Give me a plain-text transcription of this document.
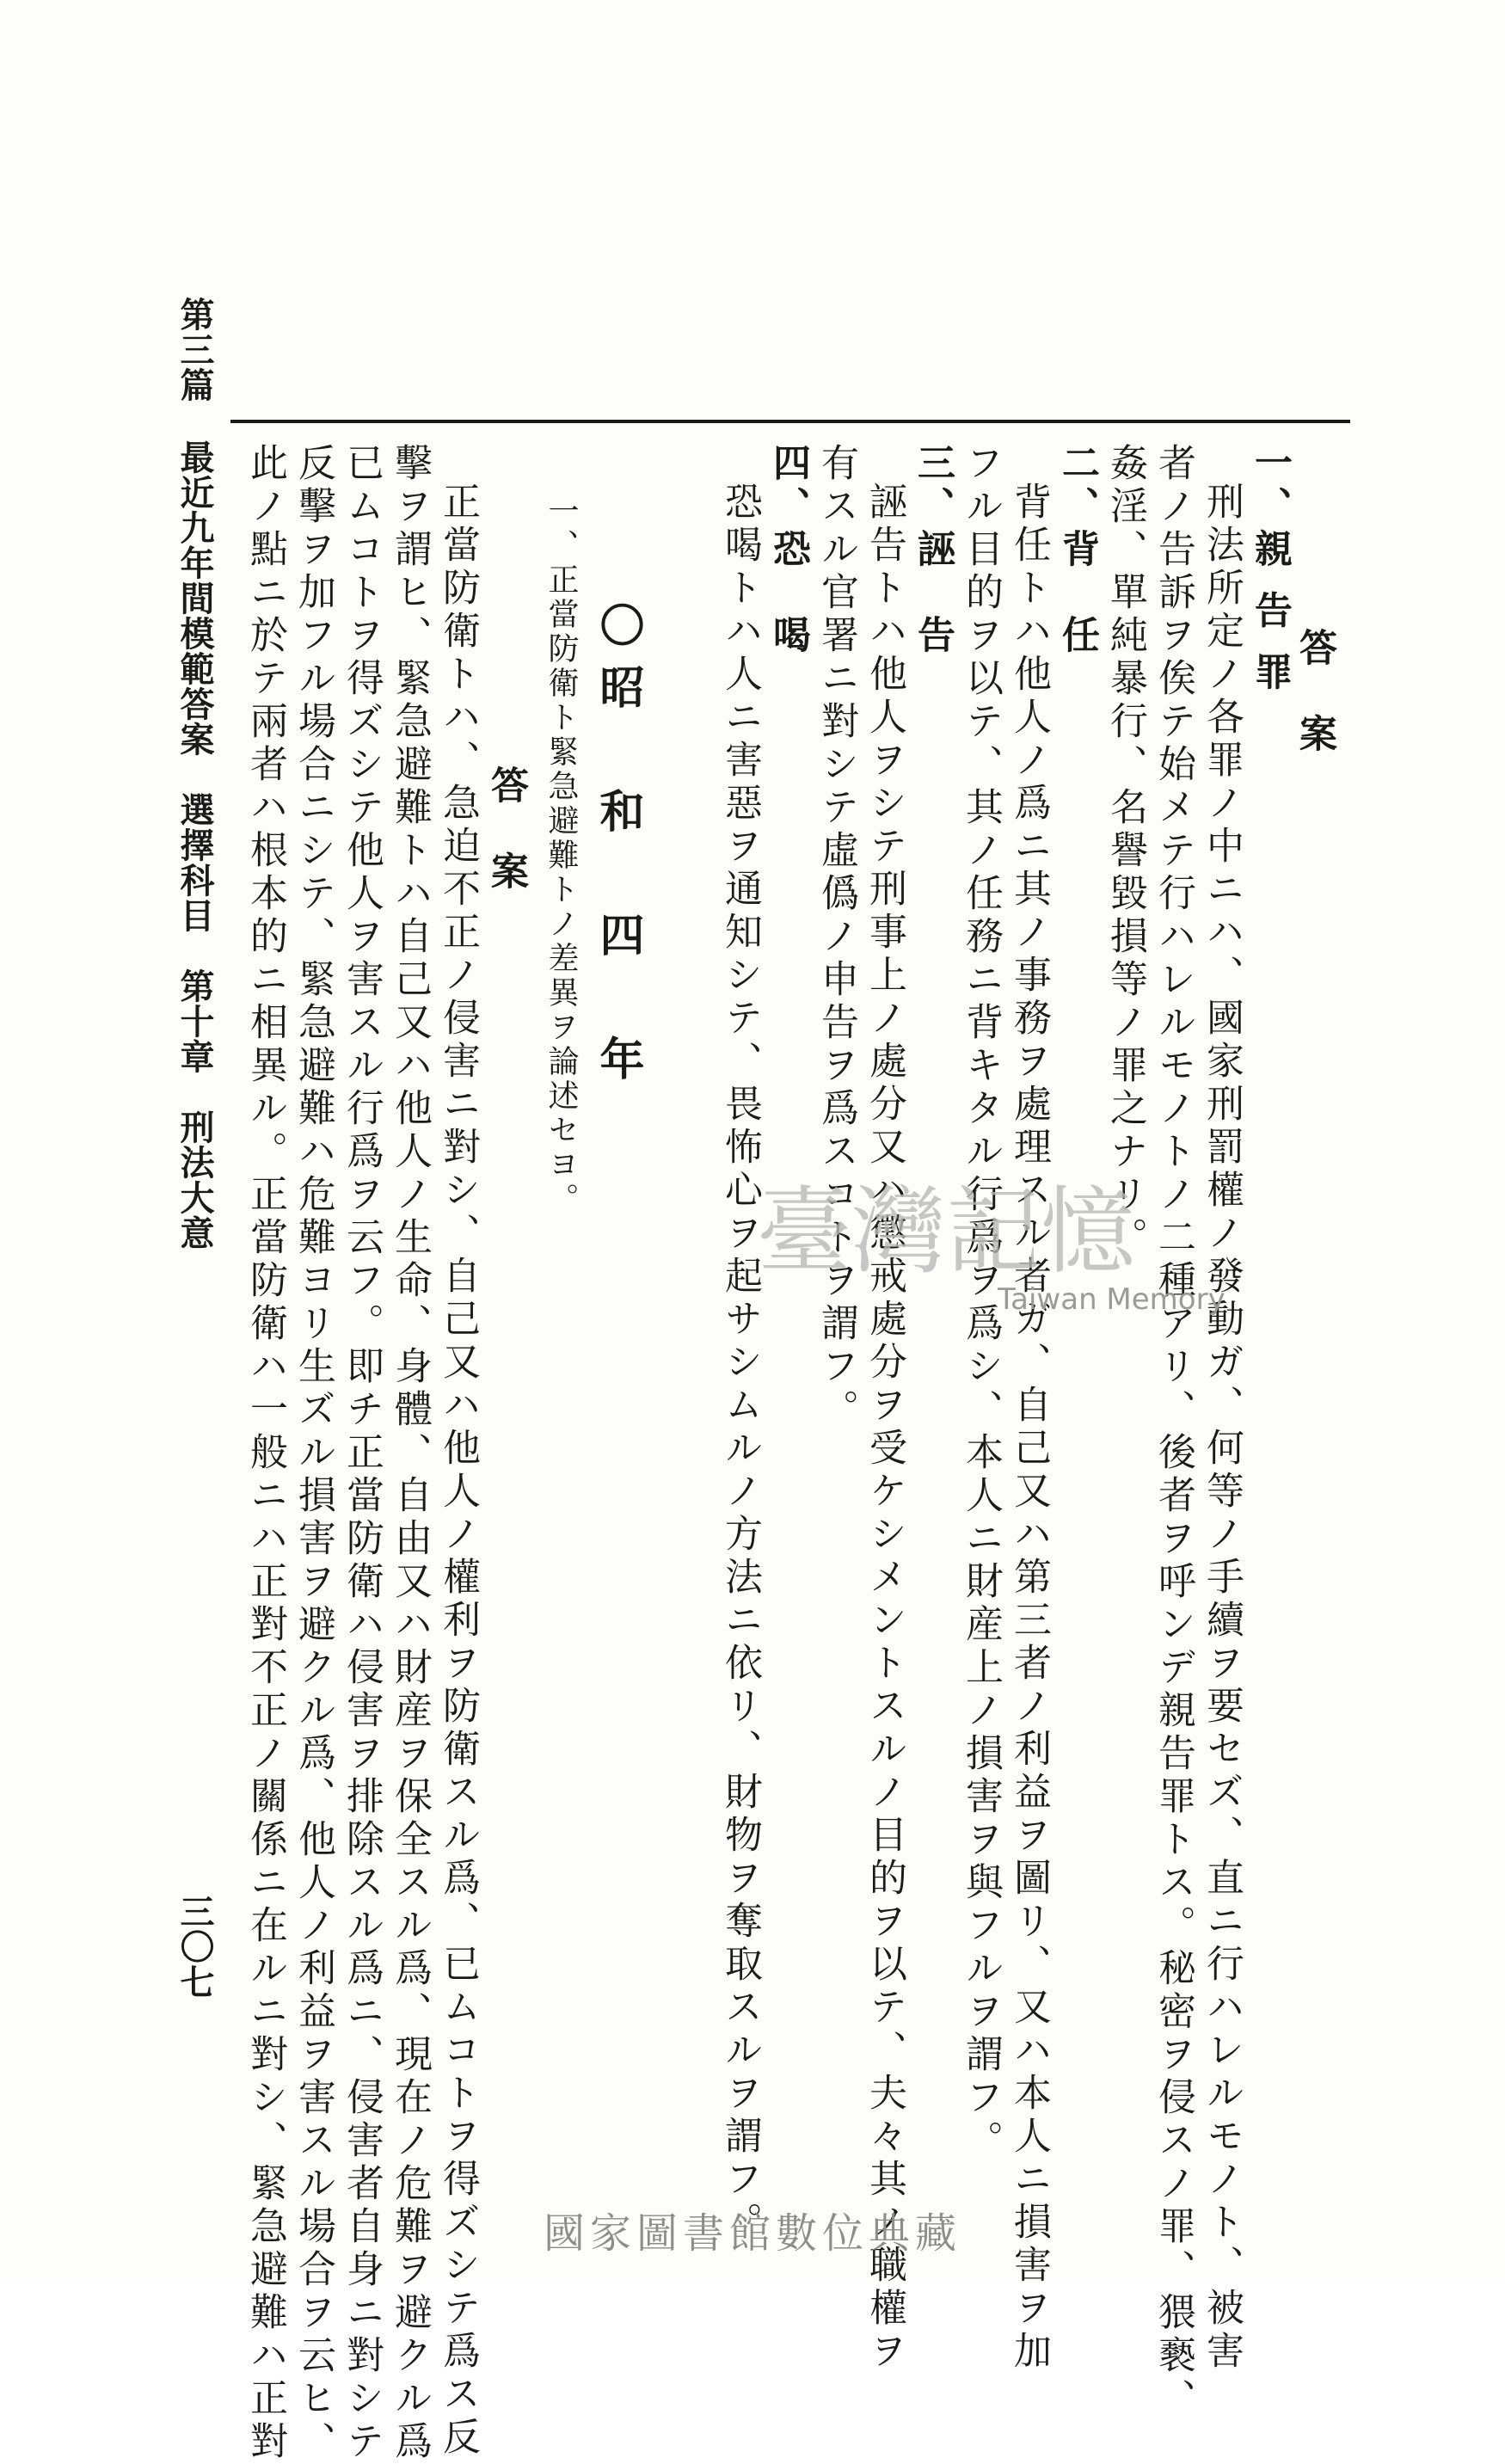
第三篇 最近九年間模範答案　選擇科目　第十章　刑法大意
三〇七
答　案
一、親 告 罪
刑法所定ノ各罪ノ中ニハ、國家刑罰權ノ發動ガ、何等ノ手續ヲ要セズ、直ニ行ハレルモノト、被害
者ノ告訴ヲ俟テ始メテ行ハレルモノトノ二種アリ、後者ヲ呼ンデ親告罪トス。秘密ヲ侵スノ罪、猥褻、
姦淫、單純暴行、名譽毀損等ノ罪之ナリ。
二、背　任
背任トハ他人ノ爲ニ其ノ事務ヲ處理スル者ガ、自己又ハ第三者ノ利益ヲ圖リ、又ハ本人ニ損害ヲ加
フル目的ヲ以テ、其ノ任務ニ背キタル行爲ヲ爲シ、本人ニ財産上ノ損害ヲ與フルヲ謂フ。
三、誣　告
誣告トハ他人ヲシテ刑事上ノ處分又ハ懲戒處分ヲ受ケシメントスルノ目的ヲ以テ、夫々其ノ職權ヲ
有スル官署ニ對シテ虛僞ノ申告ヲ爲スコトヲ謂フ。
四、恐　喝
恐喝トハ人ニ害惡ヲ通知シテ、畏怖心ヲ起サシムルノ方法ニ依リ、財物ヲ奪取スルヲ謂フ。
〇昭　和　四　年
一、正當防衛ト緊急避難トノ差異ヲ論述セヨ。
答　案
正當防衛トハ、急迫不正ノ侵害ニ對シ、自己又ハ他人ノ權利ヲ防衛スル爲、已ムコトヲ得ズシテ爲ス反
擊ヲ謂ヒ、緊急避難トハ自己又ハ他人ノ生命、身體、自由又ハ財産ヲ保全スル爲、現在ノ危難ヲ避クル爲
已ムコトヲ得ズシテ他人ヲ害スル行爲ヲ云フ。即チ正當防衛ハ侵害ヲ排除スル爲ニ、侵害者自身ニ對シテ
反擊ヲ加フル場合ニシテ、緊急避難ハ危難ヨリ生ズル損害ヲ避クル爲、他人ノ利益ヲ害スル場合ヲ云ヒ、
此ノ點ニ於テ兩者ハ根本的ニ相異ル。正當防衛ハ一般ニハ正對不正ノ關係ニ在ルニ對シ、緊急避難ハ正對	臺灣記憶
Taiwan Memory
國家圖書館數位典藏
